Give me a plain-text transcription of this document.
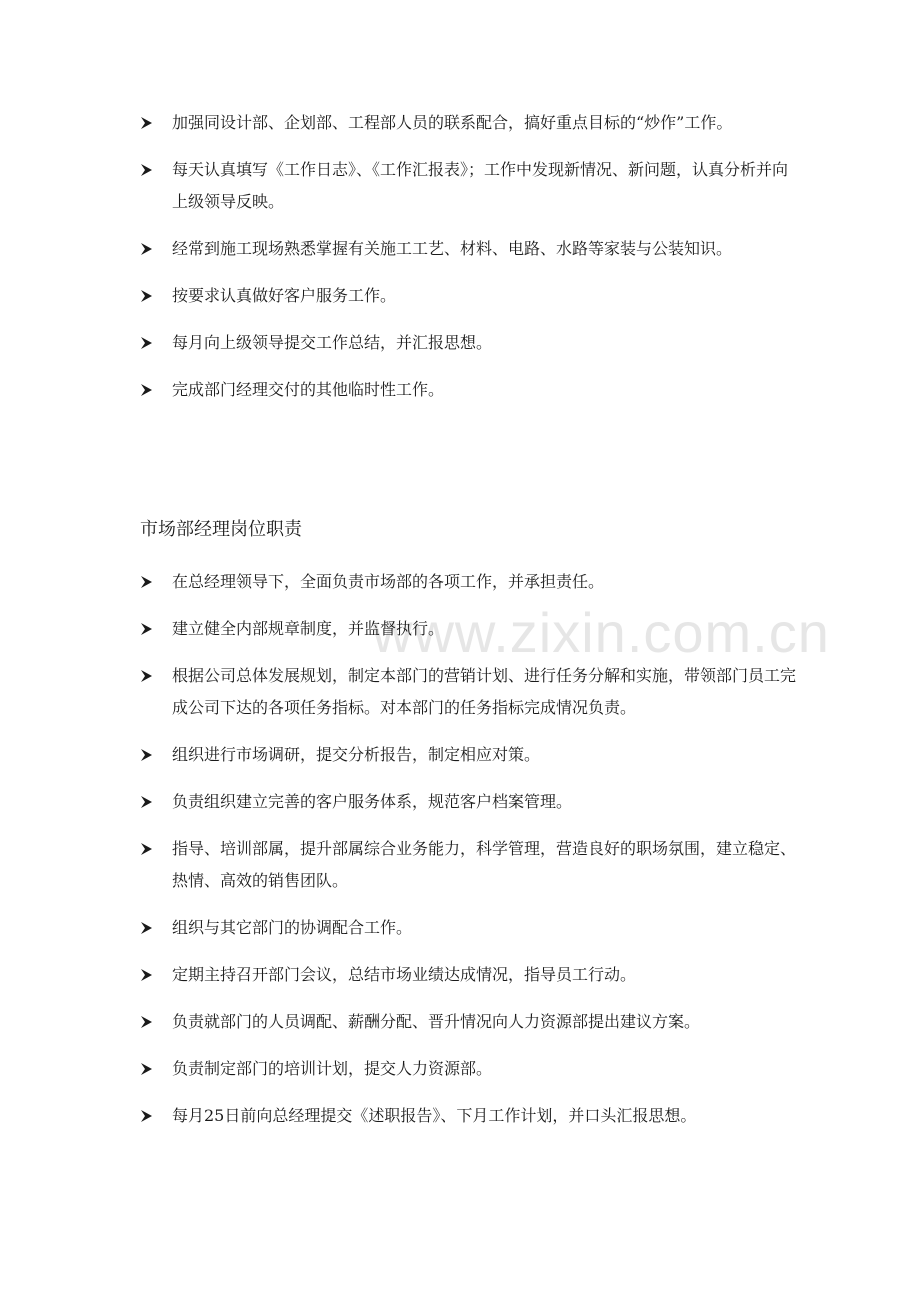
www.zixin.com.cn
加强同设计部、企划部、工程部人员的联系配合，搞好重点目标的“炒作”工作。
每天认真填写《工作日志》、《工作汇报表》；工作中发现新情况、新问题，认真分析并向上级领导反映。
经常到施工现场熟悉掌握有关施工工艺、材料、电路、水路等家装与公装知识。
按要求认真做好客户服务工作。
每月向上级领导提交工作总结，并汇报思想。
完成部门经理交付的其他临时性工作。
市场部经理岗位职责
在总经理领导下，全面负责市场部的各项工作，并承担责任。
建立健全内部规章制度，并监督执行。
根据公司总体发展规划，制定本部门的营销计划、进行任务分解和实施，带领部门员工完成公司下达的各项任务指标。对本部门的任务指标完成情况负责。
组织进行市场调研，提交分析报告，制定相应对策。
负责组织建立完善的客户服务体系，规范客户档案管理。
指导、培训部属，提升部属综合业务能力，科学管理，营造良好的职场氛围，建立稳定、热情、高效的销售团队。
组织与其它部门的协调配合工作。
定期主持召开部门会议，总结市场业绩达成情况，指导员工行动。
负责就部门的人员调配、薪酬分配、晋升情况向人力资源部提出建议方案。
负责制定部门的培训计划，提交人力资源部。
每月25日前向总经理提交《述职报告》、下月工作计划，并口头汇报思想。
